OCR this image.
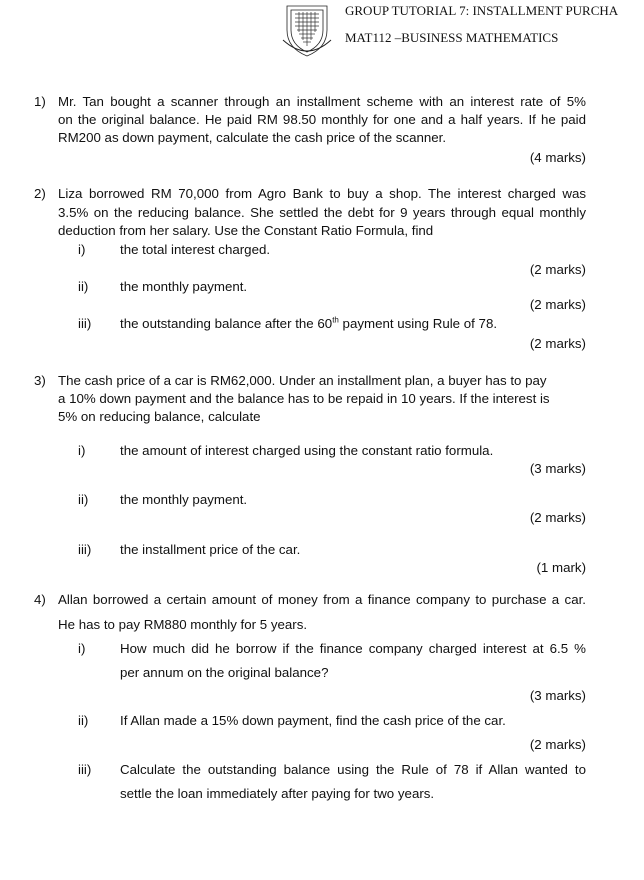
GROUP TUTORIAL 7: INSTALLMENT PURCHA
MAT112 –BUSINESS MATHEMATICS
1) Mr. Tan bought a scanner through an installment scheme with an interest rate of 5%
on the original balance. He paid RM 98.50 monthly for one and a half years. If he paid
RM200 as down payment, calculate the cash price of the scanner.
(4 marks)
2) Liza borrowed RM 70,000 from Agro Bank to buy a shop. The interest charged was
3.5% on the reducing balance. She settled the debt for 9 years through equal monthly
deduction from her salary. Use the Constant Ratio Formula, find
i)	the total interest charged.
(2 marks)
ii) the monthly payment.
(2 marks)
iii) the outstanding balance after the 60th payment using Rule of 78.
(2 marks)
3) The cash price of a car is RM62,000. Under an installment plan, a buyer has to pay
a 10% down payment and the balance has to be repaid in 10 years. If the interest is
5% on reducing balance, calculate
i)	the amount of interest charged using the constant ratio formula.
(3 marks)
ii) the monthly payment.
(2 marks)
iii) the installment price of the car.
(1 mark)
4) Allan borrowed a certain amount of money from a finance company to purchase a car.
He has to pay RM880 monthly for 5 years.
i)	How much did he borrow if the finance company charged interest at 6.5 %
per annum on the original balance?
(3 marks)
ii) If Allan made a 15% down payment, find the cash price of the car.
(2 marks)
iii) Calculate the outstanding balance using the Rule of 78 if Allan wanted to
settle the loan immediately after paying for two years.
